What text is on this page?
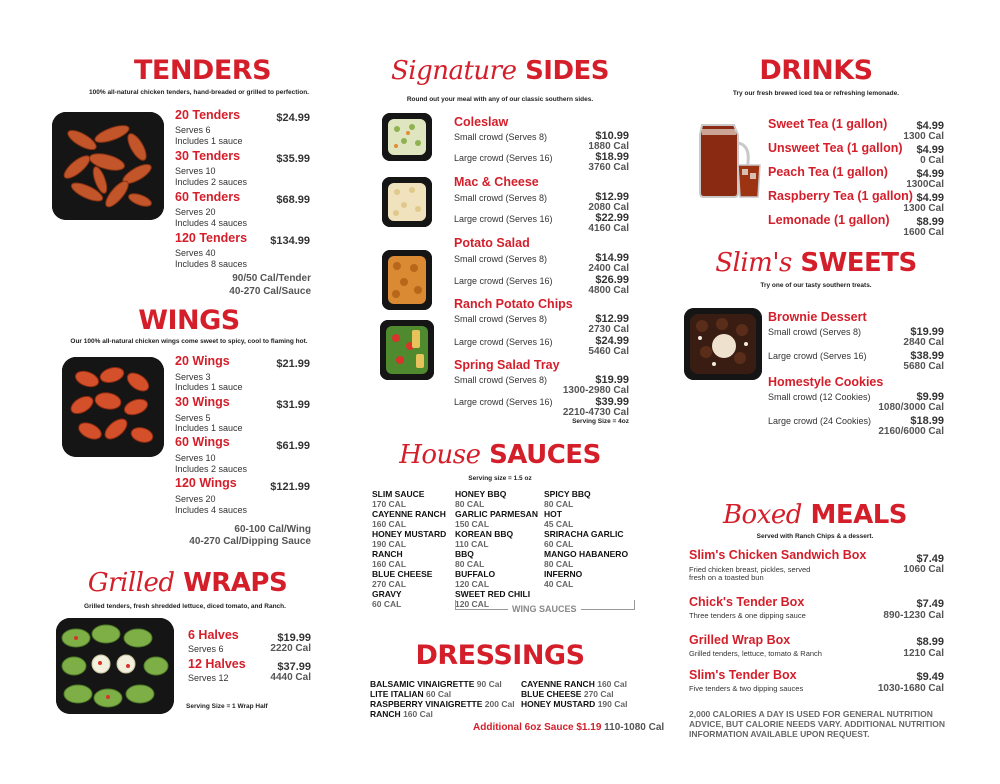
TENDERS
100% all-natural chicken tenders, hand-breaded or grilled to perfection.
20 Tenders	$24.99
Serves 6
Includes 1 sauce
30 Tenders	$35.99
Serves 10
Includes 2 sauces
60 Tenders	$68.99
Serves 20
Includes 4 sauces
120 Tenders	$134.99
Serves 40
Includes 8 sauces
90/50 Cal/Tender
40-270 Cal/Sauce
WINGS
Our 100% all-natural chicken wings come sweet to spicy, cool to flaming hot.
20 Wings	$21.99
Serves 3
Includes 1 sauce
30 Wings	$31.99
Serves 5
Includes 1 sauce
60 Wings	$61.99
Serves 10
Includes 2 sauces
120 Wings	$121.99
Serves 20
Includes 4 sauces
60-100 Cal/Wing
40-270 Cal/Dipping Sauce
Grilled WRAPS
Grilled tenders, fresh shredded lettuce, diced tomato, and Ranch.
6 Halves	$19.99
Serves 6	2220 Cal
12 Halves	$37.99
Serves 12	4440 Cal
Serving Size = 1 Wrap Half
Signature SIDES
Round out your meal with any of our classic southern sides.
Coleslaw
Small crowd (Serves 8)	$10.99
1880 Cal
Large crowd (Serves 16)	$18.99
3760 Cal
Mac & Cheese
Small crowd (Serves 8)	$12.99
2080 Cal
Large crowd (Serves 16)	$22.99
4160 Cal
Potato Salad
Small crowd (Serves 8)	$14.99
2400 Cal
Large crowd (Serves 16)	$26.99
4800 Cal
Ranch Potato Chips
Small crowd (Serves 8)	$12.99
2730 Cal
Large crowd (Serves 16)	$24.99
5460 Cal
Spring Salad Tray
Small crowd (Serves 8)	$19.99
1300-2980 Cal
Large crowd (Serves 16)	$39.99
2210-4730 Cal
Serving Size = 4oz
House SAUCES
Serving size = 1.5 oz
SLIM SAUCE
170 CAL
CAYENNE RANCH
160 CAL
HONEY MUSTARD
190 CAL
RANCH
160 CAL
BLUE CHEESE
270 CAL
GRAVY
60 CAL
HONEY BBQ
80 CAL
GARLIC PARMESAN
150 CAL
KOREAN BBQ
110 CAL
BBQ
80 CAL
BUFFALO
120 CAL
SWEET RED CHILI
120 CAL
SPICY BBQ
80 CAL
HOT
45 CAL
SRIRACHA GARLIC
60 CAL
MANGO HABANERO
80 CAL
INFERNO
40 CAL
WING SAUCES
DRESSINGS
BALSAMIC VINAIGRETTE 90 Cal
LITE ITALIAN 60 Cal
RASPBERRY VINAIGRETTE 200 Cal
RANCH 160 Cal
CAYENNE RANCH 160 Cal
BLUE CHEESE 270 Cal
HONEY MUSTARD 190 Cal
Additional 6oz Sauce $1.19 110-1080 Cal
DRINKS
Try our fresh brewed iced tea or refreshing lemonade.
Sweet Tea (1 gallon)	$4.99
1300 Cal
Unsweet Tea (1 gallon)	$4.99
0 Cal
Peach Tea (1 gallon)	$4.99
1300Cal
Raspberry Tea (1 gallon) $4.99
1300 Cal
Lemonade (1 gallon)	$8.99
1600 Cal
Slim's SWEETS
Try one of our tasty southern treats.
Brownie Dessert
Small crowd (Serves 8)	$19.99
2840 Cal
Large crowd (Serves 16)	$38.99
5680 Cal
Homestyle Cookies
Small crowd (12 Cookies)	$9.99
1080/3000 Cal
Large crowd (24 Cookies)	$18.99
2160/6000 Cal
Boxed MEALS
Served with Ranch Chips & a dessert.
Slim's Chicken Sandwich Box
Fried chicken breast, pickles, served
fresh on a toasted bun
$7.49
1060 Cal
Chick's Tender Box
Three tenders & one dipping sauce
$7.49
890-1230 Cal
Grilled Wrap Box
Grilled tenders, lettuce, tomato & Ranch
$8.99
1210 Cal
Slim's Tender Box
Five tenders & two dipping sauces
$9.49
1030-1680 Cal
2,000 CALORIES A DAY IS USED FOR GENERAL NUTRITION
ADVICE, BUT CALORIE NEEDS VARY. ADDITIONAL NUTRITION
INFORMATION AVAILABLE UPON REQUEST.
